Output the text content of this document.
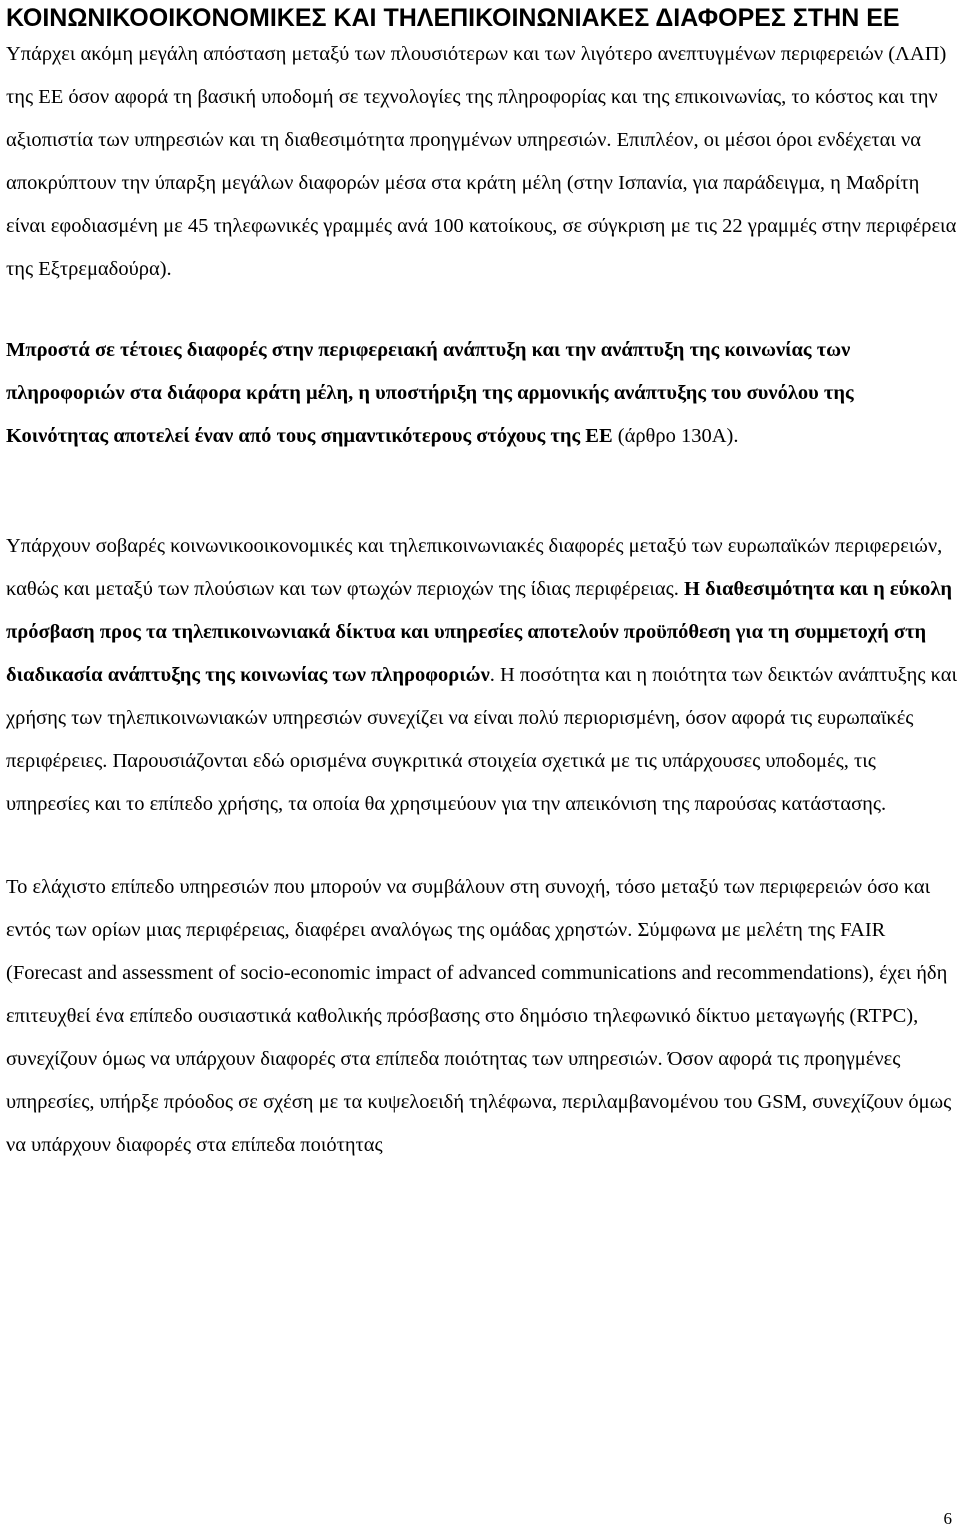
ΚΟΙΝΩΝΙΚΟΟΙΚΟΝΟΜΙΚΕΣ ΚΑΙ ΤΗΛΕΠΙΚΟΙΝΩΝΙΑΚΕΣ ΔΙΑΦΟΡΕΣ ΣΤΗΝ ΕΕ

Υπάρχει ακόμη μεγάλη απόσταση μεταξύ των πλουσιότερων και των λιγότερο ανεπτυγμένων περιφερειών (ΛΑΠ) της ΕΕ όσον αφορά τη βασική υποδομή σε τεχνολογίες της πληροφορίας και της επικοινωνίας, το κόστος και την αξιοπιστία των υπηρεσιών και τη διαθεσιμότητα προηγμένων υπηρεσιών. Επιπλέον, οι μέσοι όροι ενδέχεται να αποκρύπτουν την ύπαρξη μεγάλων διαφορών μέσα στα κράτη μέλη (στην Ισπανία, για παράδειγμα, η Μαδρίτη είναι εφοδιασμένη με 45 τηλεφωνικές γραμμές ανά 100 κατοίκους, σε σύγκριση με τις 22 γραμμές στην περιφέρεια της Εξτρεμαδούρα).

Μπροστά σε τέτοιες διαφορές στην περιφερειακή ανάπτυξη και την ανάπτυξη της κοινωνίας των πληροφοριών στα διάφορα κράτη μέλη, η υποστήριξη της αρμονικής ανάπτυξης του συνόλου της Κοινότητας αποτελεί έναν από τους σημαντικότερους στόχους της ΕΕ (άρθρο 130Α).

Υπάρχουν σοβαρές κοινωνικοοικονομικές και τηλεπικοινωνιακές διαφορές μεταξύ των ευρωπαϊκών περιφερειών, καθώς και μεταξύ των πλούσιων και των φτωχών περιοχών της ίδιας περιφέρειας. Η διαθεσιμότητα και η εύκολη πρόσβαση προς τα τηλεπικοινωνιακά δίκτυα και υπηρεσίες αποτελούν προϋπόθεση για τη συμμετοχή στη διαδικασία ανάπτυξης της κοινωνίας των πληροφοριών. Η ποσότητα και η ποιότητα των δεικτών ανάπτυξης και χρήσης των τηλεπικοινωνιακών υπηρεσιών συνεχίζει να είναι πολύ περιορισμένη, όσον αφορά τις ευρωπαϊκές περιφέρειες. Παρουσιάζονται εδώ ορισμένα συγκριτικά στοιχεία σχετικά με τις υπάρχουσες υποδομές, τις υπηρεσίες και το επίπεδο χρήσης, τα οποία θα χρησιμεύουν για την απεικόνιση της παρούσας κατάστασης.

Το ελάχιστο επίπεδο υπηρεσιών που μπορούν να συμβάλουν στη συνοχή, τόσο μεταξύ των περιφερειών όσο και εντός των ορίων μιας περιφέρειας, διαφέρει αναλόγως της ομάδας χρηστών. Σύμφωνα με μελέτη της FAIR (Forecast and assessment of socio-economic impact of advanced communications and recommendations), έχει ήδη επιτευχθεί ένα επίπεδο ουσιαστικά καθολικής πρόσβασης στο δημόσιο τηλεφωνικό δίκτυο μεταγωγής (RTPC), συνεχίζουν όμως να υπάρχουν διαφορές στα επίπεδα ποιότητας των υπηρεσιών. Όσον αφορά τις προηγμένες υπηρεσίες, υπήρξε πρόοδος σε σχέση με τα κυψελοειδή τηλέφωνα, περιλαμβανομένου του GSM, συνεχίζουν όμως να υπάρχουν διαφορές στα επίπεδα ποιότητας

6
